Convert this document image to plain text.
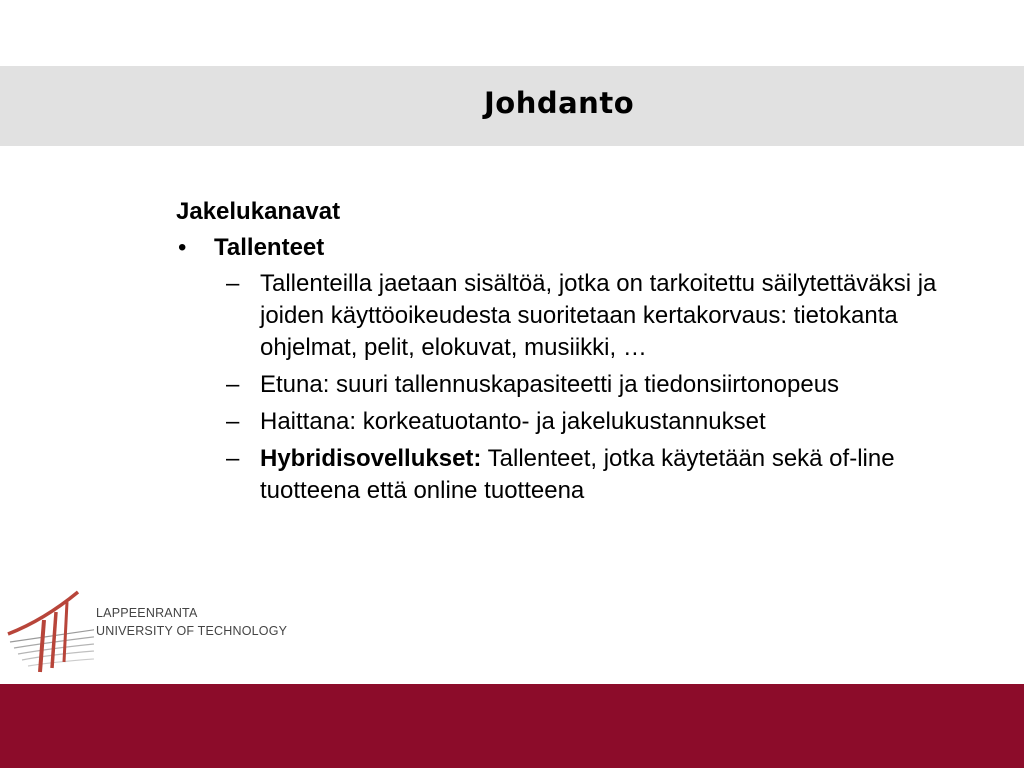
Johdanto

Jakelukanavat

• Tallenteet
– Tallenteilla jaetaan sisältöä, jotka on tarkoitettu säilytettäväksi ja joiden käyttöoikeudesta suoritetaan kertakorvaus: tietokanta ohjelmat, pelit, elokuvat, musiikki, …
– Etuna: suuri tallennuskapasiteetti ja tiedonsiirtonopeus
– Haittana: korkeatuotanto- ja jakelukustannukset
– Hybridisovellukset: Tallenteet, jotka käytetään sekä of-line tuotteena että online tuotteena
LAPPEENRANTA
UNIVERSITY OF TECHNOLOGY
